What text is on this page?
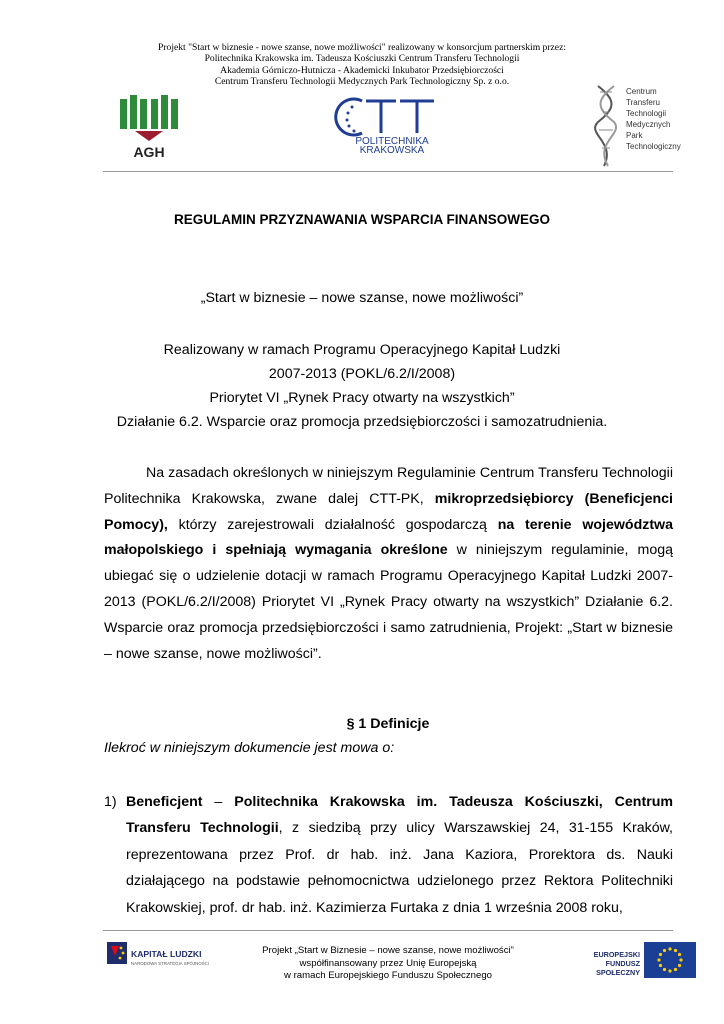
Projekt "Start w biznesie - nowe szanse, nowe możliwości" realizowany w konsorcjum partnerskim przez:
Politechnika Krakowska im. Tadeusza Kościuszki Centrum Transferu Technologii
Akademia Górniczo-Hutnicza - Akademicki Inkubator Przedsiębiorczości
Centrum Transferu Technologii Medycznych Park Technologiczny Sp. z o.o.
AGH
POLITECHNIKA
KRAKOWSKA
Centrum
Transferu
Technologii
Medycznych
Park
Technologiczny
REGULAMIN PRZYZNAWANIA WSPARCIA FINANSOWEGO
„Start w biznesie – nowe szanse, nowe możliwości”
Realizowany w ramach Programu Operacyjnego Kapitał Ludzki
2007-2013 (POKL/6.2/I/2008)
Priorytet VI „Rynek Pracy otwarty na wszystkich”
Działanie 6.2. Wsparcie oraz promocja przedsiębiorczości i samozatrudnienia.
Na zasadach określonych w niniejszym Regulaminie Centrum Transferu Technologii Politechnika Krakowska, zwane dalej CTT-PK, mikroprzedsiębiorcy (Beneficjenci Pomocy), którzy zarejestrowali działalność gospodarczą na terenie województwa małopolskiego i spełniają wymagania określone w niniejszym regulaminie, mogą ubiegać się o udzielenie dotacji w ramach Programu Operacyjnego Kapitał Ludzki 2007-2013 (POKL/6.2/I/2008) Priorytet VI „Rynek Pracy otwarty na wszystkich” Działanie 6.2. Wsparcie oraz promocja przedsiębiorczości i samo zatrudnienia, Projekt: „Start w biznesie – nowe szanse, nowe możliwości”.
§ 1 Definicje
Ilekroć w niniejszym dokumencie jest mowa o:
1) Beneficjent – Politechnika Krakowska im. Tadeusza Kościuszki, Centrum Transferu Technologii, z siedzibą przy ulicy Warszawskiej 24, 31-155 Kraków, reprezentowana przez Prof. dr hab. inż. Jana Kaziora, Prorektora ds. Nauki działającego na podstawie pełnomocnictwa udzielonego przez Rektora Politechniki Krakowskiej, prof. dr hab. inż. Kazimierza Furtaka z dnia 1 września 2008 roku,
KAPITAŁ LUDZKI
NARODOWA STRATEGIA SPÓJNOŚCI
Projekt „Start w Biznesie – nowe szanse, nowe możliwości”
współfinansowany przez Unię Europejską
w ramach Europejskiego Funduszu Społecznego
EUROPEJSKI
FUNDUSZ SPOŁECZNY
